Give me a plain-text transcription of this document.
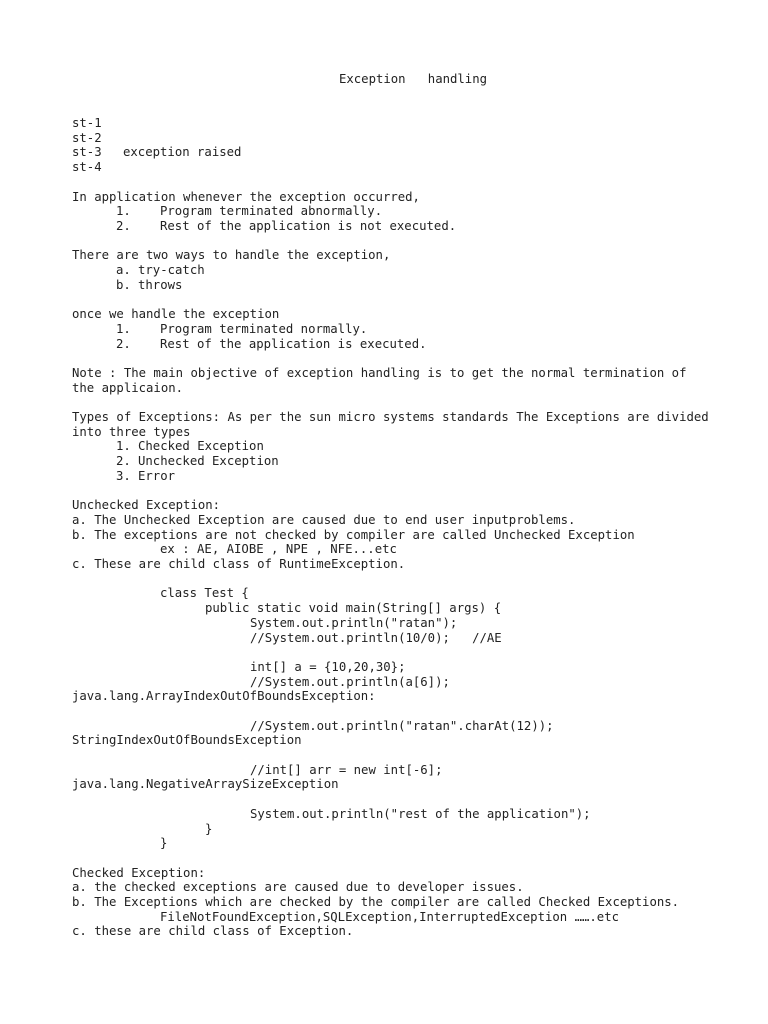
Exception   handling
st-1
st-2
st-3 exception raised
st-4
In application whenever the exception occurred,
1. Program terminated abnormally.
2. Rest of the application is not executed.
There are two ways to handle the exception,
a. try-catch
b. throws
once we handle the exception
1. Program terminated normally.
2. Rest of the application is executed.
Note : The main objective of exception handling is to get the normal termination of the applicaion.
Types of Exceptions: As per the sun micro systems standards The Exceptions are divided into three types
1. Checked Exception
2. Unchecked Exception
3. Error
Unchecked Exception:
a. The Unchecked Exception are caused due to end user inputproblems.
b. The exceptions are not checked by compiler are called Unchecked Exception
ex : AE, AIOBE , NPE , NFE...etc
c. These are child class of RuntimeException.
class Test {
public static void main(String[] args) {
System.out.println("ratan");
//System.out.println(10/0);   //AE
int[] a = {10,20,30};
//System.out.println(a[6]);
java.lang.ArrayIndexOutOfBoundsException:
//System.out.println("ratan".charAt(12));
StringIndexOutOfBoundsException
//int[] arr = new int[-6];
java.lang.NegativeArraySizeException
System.out.println("rest of the application");
}
}
Checked Exception:
a. the checked exceptions are caused due to developer issues.
b. The Exceptions which are checked by the compiler are called Checked Exceptions.
FileNotFoundException,SQLException,InterruptedException …….etc
c. these are child class of Exception.
